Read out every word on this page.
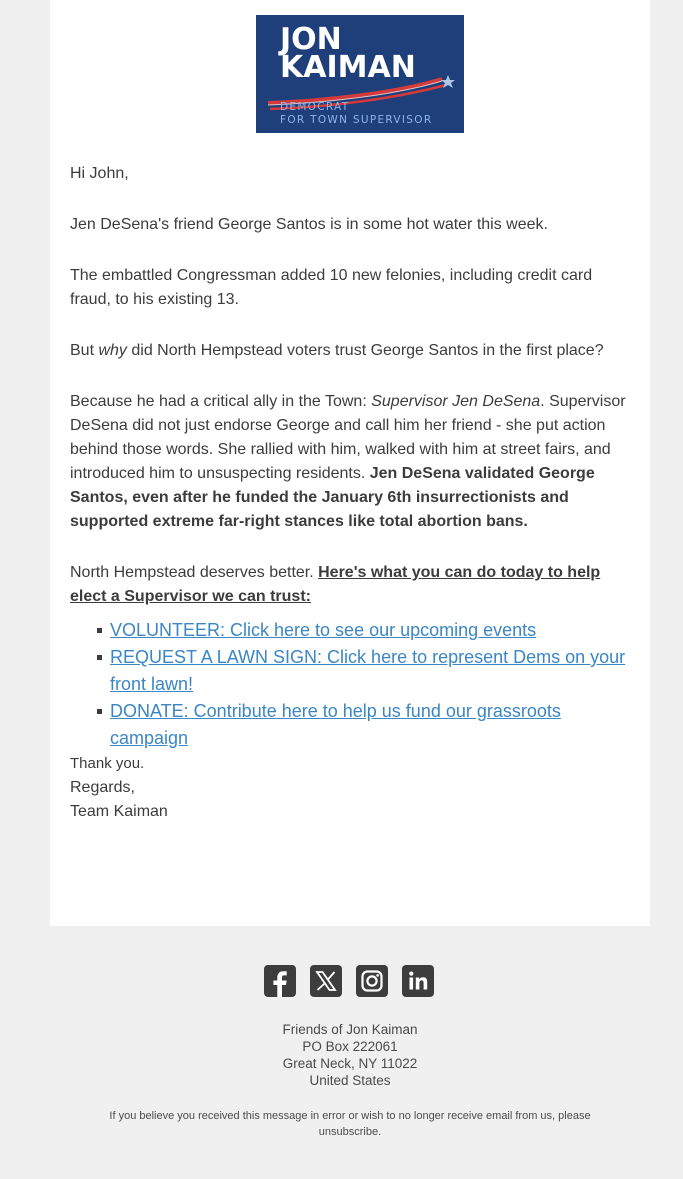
JON
KAIMAN
DEMOCRAT
FOR TOWN SUPERVISOR

Hi John,

Jen DeSena's friend George Santos is in some hot water this week.

The embattled Congressman added 10 new felonies, including credit card fraud, to his existing 13.

But why did North Hempstead voters trust George Santos in the first place?

Because he had a critical ally in the Town: Supervisor Jen DeSena. Supervisor DeSena did not just endorse George and call him her friend - she put action behind those words. She rallied with him, walked with him at street fairs, and introduced him to unsuspecting residents. Jen DeSena validated George Santos, even after he funded the January 6th insurrectionists and supported extreme far-right stances like total abortion bans.

North Hempstead deserves better. Here's what you can do today to help elect a Supervisor we can trust:

VOLUNTEER: Click here to see our upcoming events
REQUEST A LAWN SIGN: Click here to represent Dems on your front lawn!
DONATE: Contribute here to help us fund our grassroots campaign

Thank you.

Regards,

Team Kaiman

Friends of Jon Kaiman
PO Box 222061
Great Neck, NY 11022
United States
If you believe you received this message in error or wish to no longer receive email from us, please unsubscribe.
